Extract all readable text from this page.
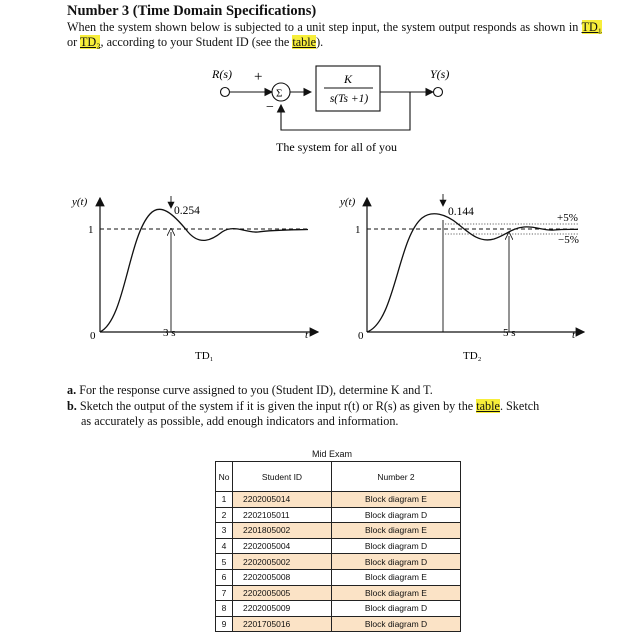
Number 3 (Time Domain Specifications)
When the system shown below is subjected to a unit step input, the system output responds as shown in TD₁ or TD₂, according to your Student ID (see the table).
R(s)	Y(s)
+
Σ
−
K
s(Ts +1)
The system for all of you
y(t)
1
0.254
0	3 s	t
TD₁
y(t)
1
0.144	+5%
−5%
0	5 s	t
TD₂
a. For the response curve assigned to you (Student ID), determine K and T.
b. Sketch the output of the system if it is given the input r(t) or R(s) as given by the table. Sketch
as accurately as possible, add enough indicators and information.
Mid Exam
No	Student ID	Number 2
1	2202005014	Block diagram E
2	2202105011	Block diagram D
3	2201805002	Block diagram E
4	2202005004	Block diagram D
5	2202005002	Block diagram D
6	2202005008	Block diagram E
7	2202005005	Block diagram E
8	2202005009	Block diagram D
9	2201705016	Block diagram D
